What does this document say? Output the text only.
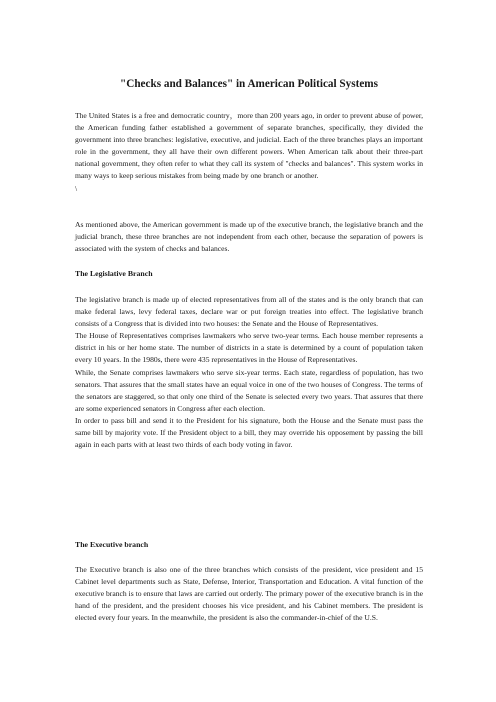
"Checks and Balances" in American Political Systems
The United States is a free and democratic country，more than 200 years ago, in order to prevent abuse of power, the American funding father established a government of separate branches, specifically, they divided the government into three branches: legislative, executive, and judicial. Each of the three branches plays an important role in the government, they all have their own different powers. When American talk about their three-part national government, they often refer to what they call its system of "checks and balances". This system works in many ways to keep serious mistakes from being made by one branch or another.
\

As mentioned above, the American government is made up of the executive branch, the legislative branch and the judicial branch, these three branches are not independent from each other, because the separation of powers is associated with the system of checks and balances.

The Legislative Branch

The legislative branch is made up of elected representatives from all of the states and is the only branch that can make federal laws, levy federal taxes, declare war or put foreign treaties into effect. The legislative branch consists of a Congress that is divided into two houses: the Senate and the House of Representatives.
The House of Representatives comprises lawmakers who serve two-year terms. Each house member represents a district in his or her home state. The number of districts in a state is determined by a count of population taken every 10 years. In the 1980s, there were 435 representatives in the House of Representatives.
While, the Senate comprises lawmakers who serve six-year terms. Each state, regardless of population, has two senators. That assures that the small states have an equal voice in one of the two houses of Congress. The terms of the senators are staggered, so that only one third of the Senate is selected every two years. That assures that there are some experienced senators in Congress after each election.
In order to pass bill and send it to the President for his signature, both the House and the Senate must pass the same bill by majority vote. If the President object to a bill, they may override his opposement by passing the bill again in each parts with at least two thirds of each body voting in favor.

The Executive branch

The Executive branch is also one of the three branches which consists of the president, vice president and 15 Cabinet level departments such as State, Defense, Interior, Transportation and Education. A vital function of the executive branch is to ensure that laws are carried out orderly. The primary power of the executive branch is in the hand of the president, and the president chooses his vice president, and his Cabinet members. The president is elected every four years. In the meanwhile, the president is also the commander-in-chief of the U.S.
